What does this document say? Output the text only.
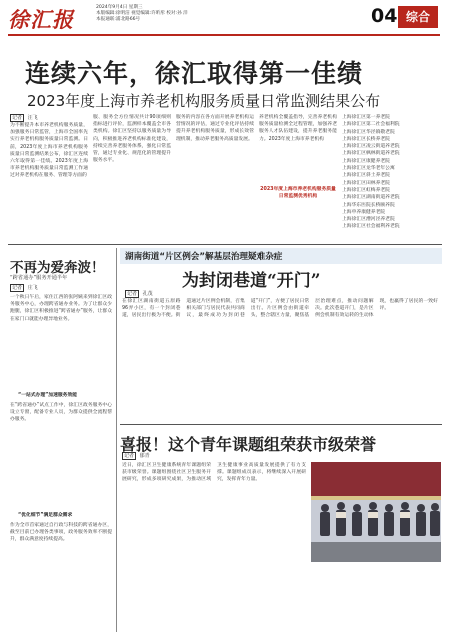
徐汇报	2024年9月4日 星期三
本版编辑:徐明洁 视觉编辑:许昕彤 校对:孙 洋
本报通联:浦北路66号	04 综合
连续六年，徐汇取得第一佳绩
2023年度上海市养老机构服务质量日常监测结果公布
记者 汪飞
为不断提升本市养老机构服务质量，加强服务日常监管，上海市全国率先实行养老机构服务质量日常监测。日前，2023年度上海市养老机构服务质量日常监测结果公布，徐汇区连续六年取得第一佳绩。2023年度上海市养老机构服务质量日常监测工作通过对养老机构在服务、管理等方面的
服、服务全方位情况共计90项细则指标进行评价，监测样本覆盖全市各类机构。徐汇区坚持以服务质量为导向，积极推进养老机构标准化建设，持续完善养老服务体系，强化日常监管，通过专业化、规范化的管理提升服务水平。
服务的内容在各方面开展养老机构运营情况的评估，通过专业化评估持续提升养老机构服务质量，形成长效管理机制，推动养老服务高质量发展。
养老机构全覆盖指导，完善养老机构服务质量检测全过程管理，加强养老服务人才队伍建设，提升养老服务能力。2023年度上海市养老机构
2023年度上海市养老机构服务质量日常监测优秀机构
上海徐汇区第一养老院
上海徐汇区第二社会福利院
上海徐汇区华泾镇敬老院
上海徐汇区长桥养老院
上海徐汇区凌云街道养老院
上海徐汇区枫林街道养老院
上海徐汇区康健养老院
上海徐汇区龙华老年公寓
上海徐汇区斜土养老院
上海徐汇区田林养老院
上海徐汇区虹梅养老院
上海徐汇区湖南街道养老院
上海华东医院长桥颐养院
上海申养康健养老院
上海徐汇区漕河泾养老院
上海徐汇区社会福利养老院
不再为爱奔波！
“跨省通办”服务开通半年
记者 庄飞
一个秋日午后，家住江西的张阿姨来到徐汇区政务服务中心，办理跨省通办业务。为了让群众少跑腿，徐汇区积极推进“跨省通办”服务，让群众在家门口就能办理异地业务。
“一站式办理”加速服务效能
在“跨省通办”试点工作中，徐汇区政务服务中心设立专窗，配备专业人员，为群众提供全流程帮办服务。
“优化细节”满足群众需求
作为全市首家通过自行政与科技的跨省通办区，截至目前已办理各类事项，政务服务效率不断提升，群众满意度持续提高。
湖南街道“片区例会”解基层治理疑难杂症
为封闭巷道“开门”
记者 孔茂
在徐汇区湖南街道五原路96弄小区，有一个封闭巷道，居民出行极为不便。街道通过片区例会机制，召集相关部门与居民代表共同商议，最终成功为封闭巷道“开门”，方便了居民日常出行。片区例会由街道牵头，整合辖区力量，聚焦基层治理难点，推动问题解决。此次巷道开门，是片区例会机制有效运转的生动体现，也赢得了居民的一致好评。
喜报！这个青年课题组荣获市级荣誉
记者 郁青
近日，徐汇区卫生健康系统青年课题组荣获市级荣誉。课题组围绕社区卫生服务开展研究，形成多项研究成果，为推动区域卫生健康事业高质量发展提供了有力支撑。课题组成员表示，将继续深入开展研究，发挥青年力量。
